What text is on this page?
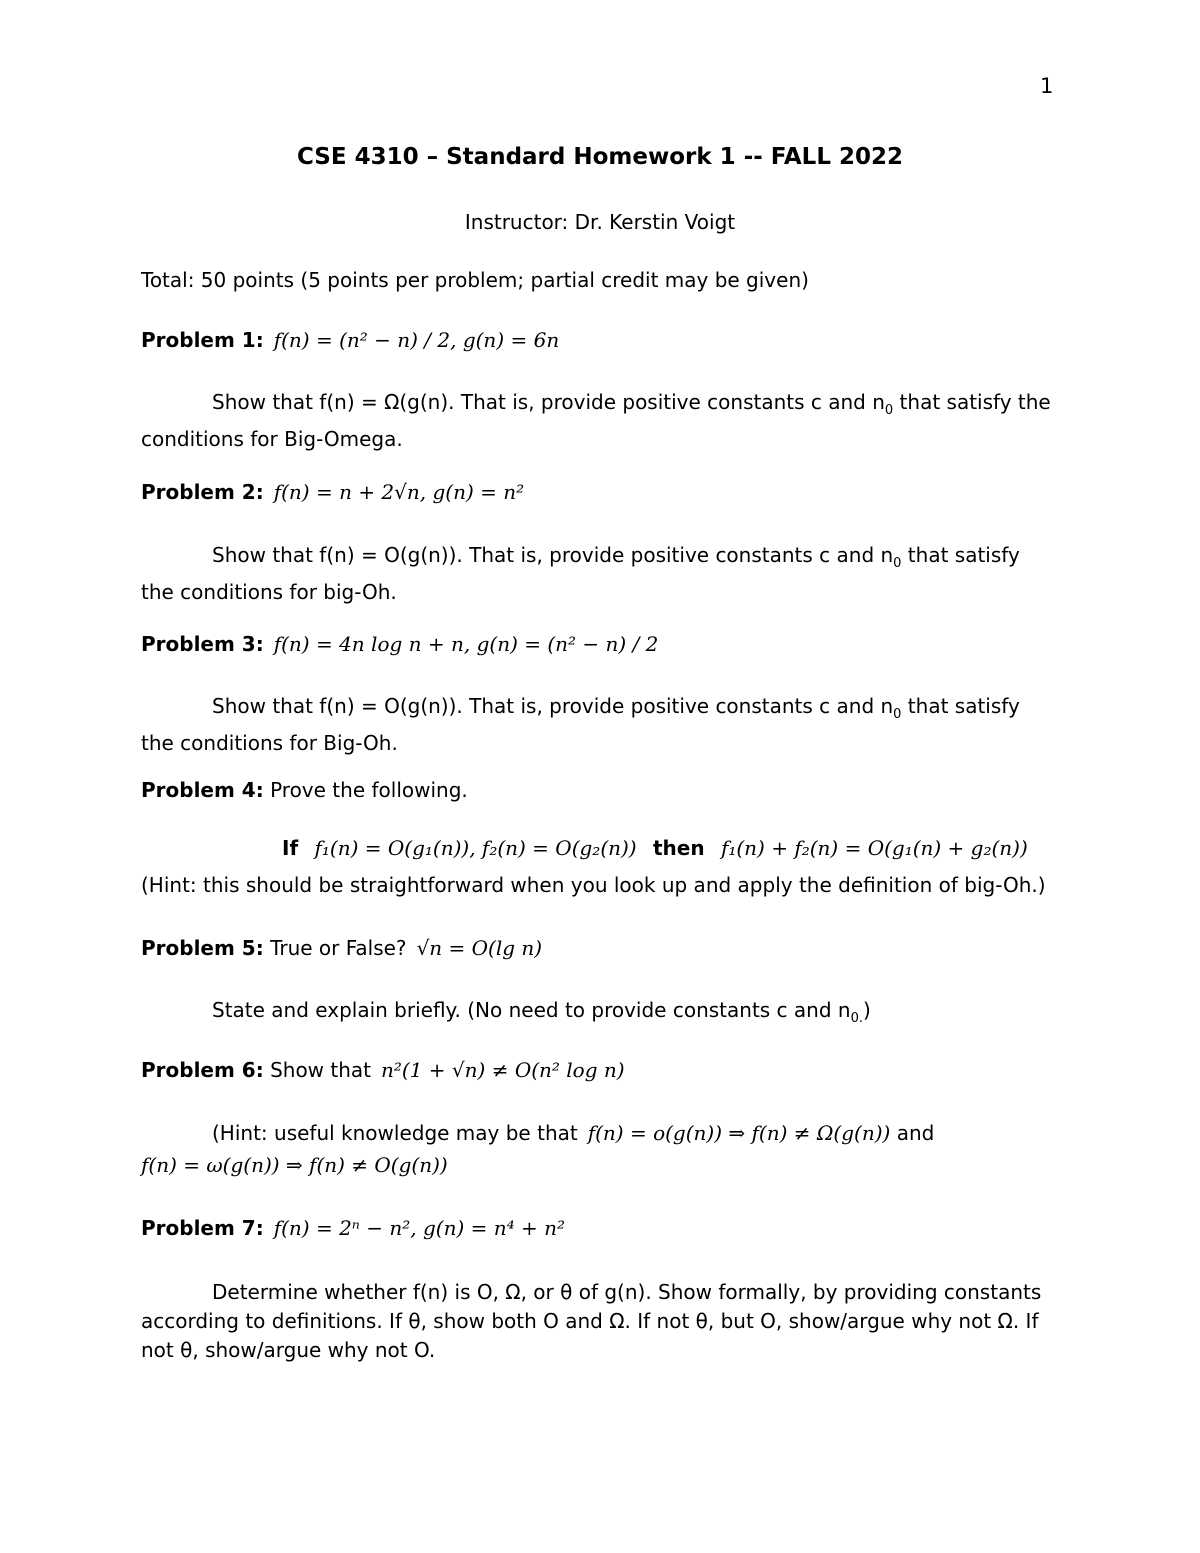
1
CSE 4310 – Standard Homework 1 -- FALL 2022
Instructor: Dr. Kerstin Voigt
Total: 50 points (5 points per problem; partial credit may be given)
Problem 1: f(n) = (n² − n) / 2, g(n) = 6n
Show that f(n) = Ω(g(n). That is, provide positive constants c and $n_0$ that satisfy the conditions for Big-Omega.
Problem 2: f(n) = n + 2√n, g(n) = n²
Show that f(n) = O(g(n)). That is, provide positive constants c and $n_0$ that satisfy the conditions for big-Oh.
Problem 3: f(n) = 4n log n + n, g(n) = (n² − n) / 2
Show that f(n) = O(g(n)). That is, provide positive constants c and $n_0$ that satisfy the conditions for Big-Oh.
Problem 4: Prove the following.
If f₁(n) = O(g₁(n)), f₂(n) = O(g₂(n)) then f₁(n) + f₂(n) = O(g₁(n) + g₂(n))
(Hint: this should be straightforward when you look up and apply the definition of big-Oh.)
Problem 5: True or False? √n = O(lg n)
State and explain briefly. (No need to provide constants c and $n_{0.}$)
Problem 6: Show that n²(1 + √n) ≠ O(n² log n)
(Hint: useful knowledge may be that f(n) = o(g(n)) ⇒ f(n) ≠ Ω(g(n)) and
f(n) = ω(g(n)) ⇒ f(n) ≠ O(g(n))
Problem 7: f(n) = 2ⁿ − n², g(n) = n⁴ + n²
Determine whether f(n) is O, Ω, or θ of g(n). Show formally, by providing constants according to definitions. If θ, show both O and Ω. If not θ, but O, show/argue why not Ω. If not θ, show/argue why not O.
